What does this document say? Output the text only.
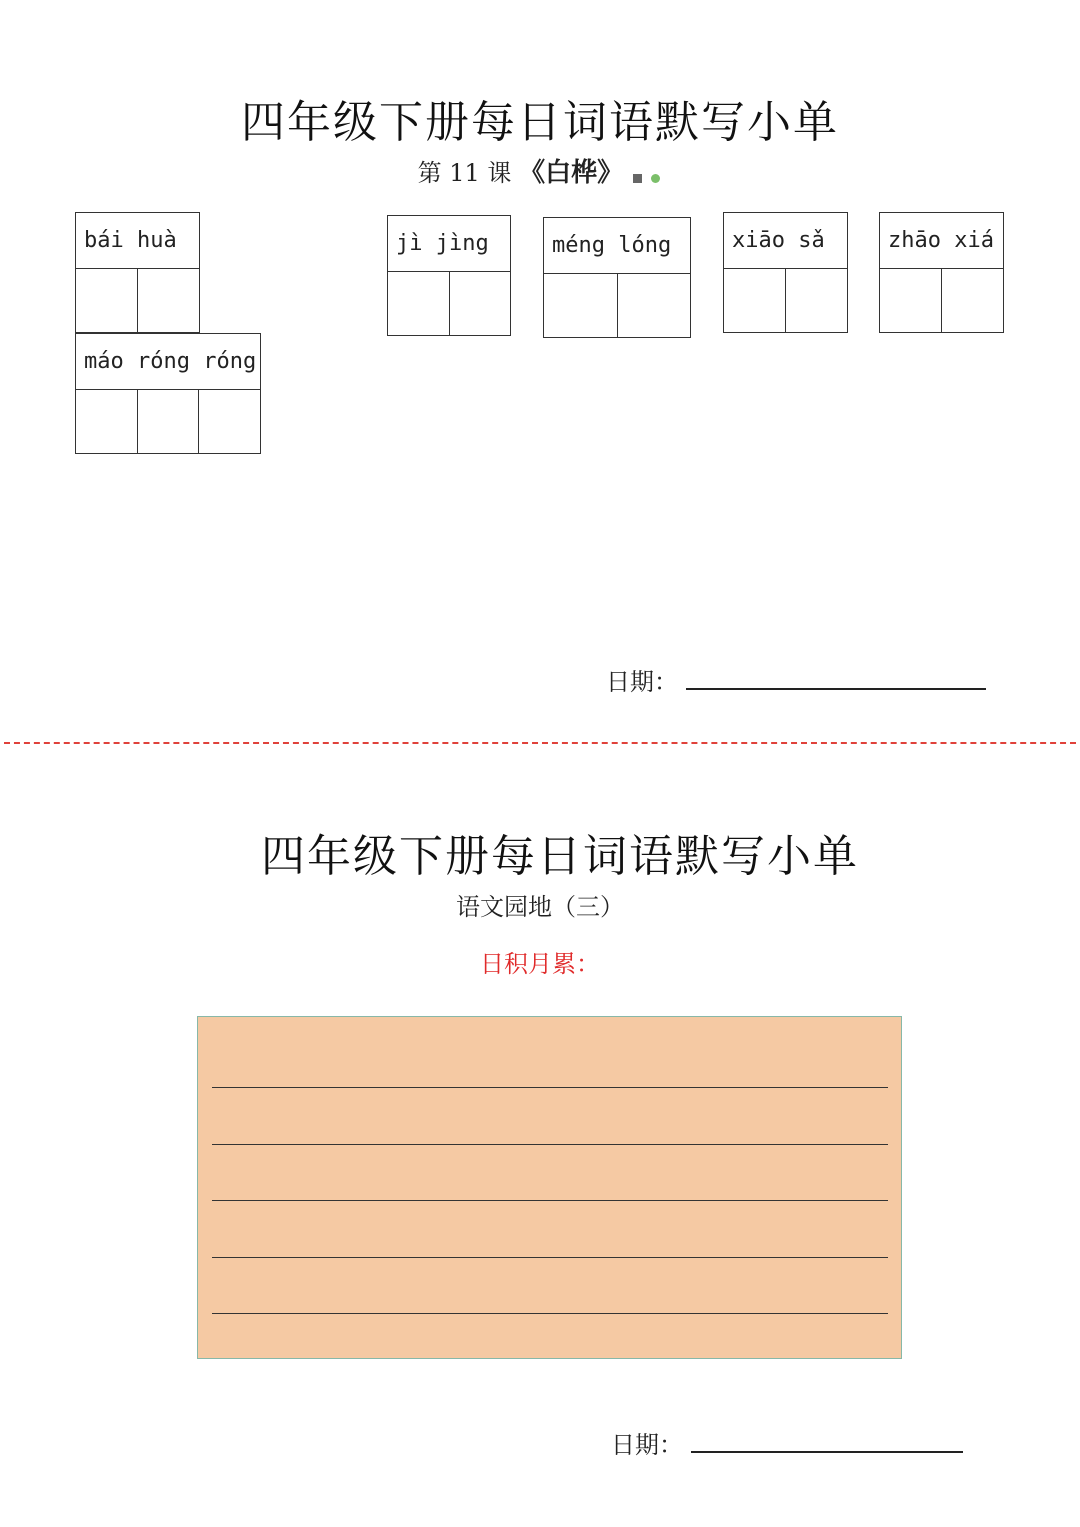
四年级下册每日词语默写小单
第 11 课 《白桦》
bái huà	jì jìng	méng lóng	xiāo sǎ	zhāo xiá
máo róng róng
日期：
四年级下册每日词语默写小单
语文园地（三）
日积月累：
日期：
